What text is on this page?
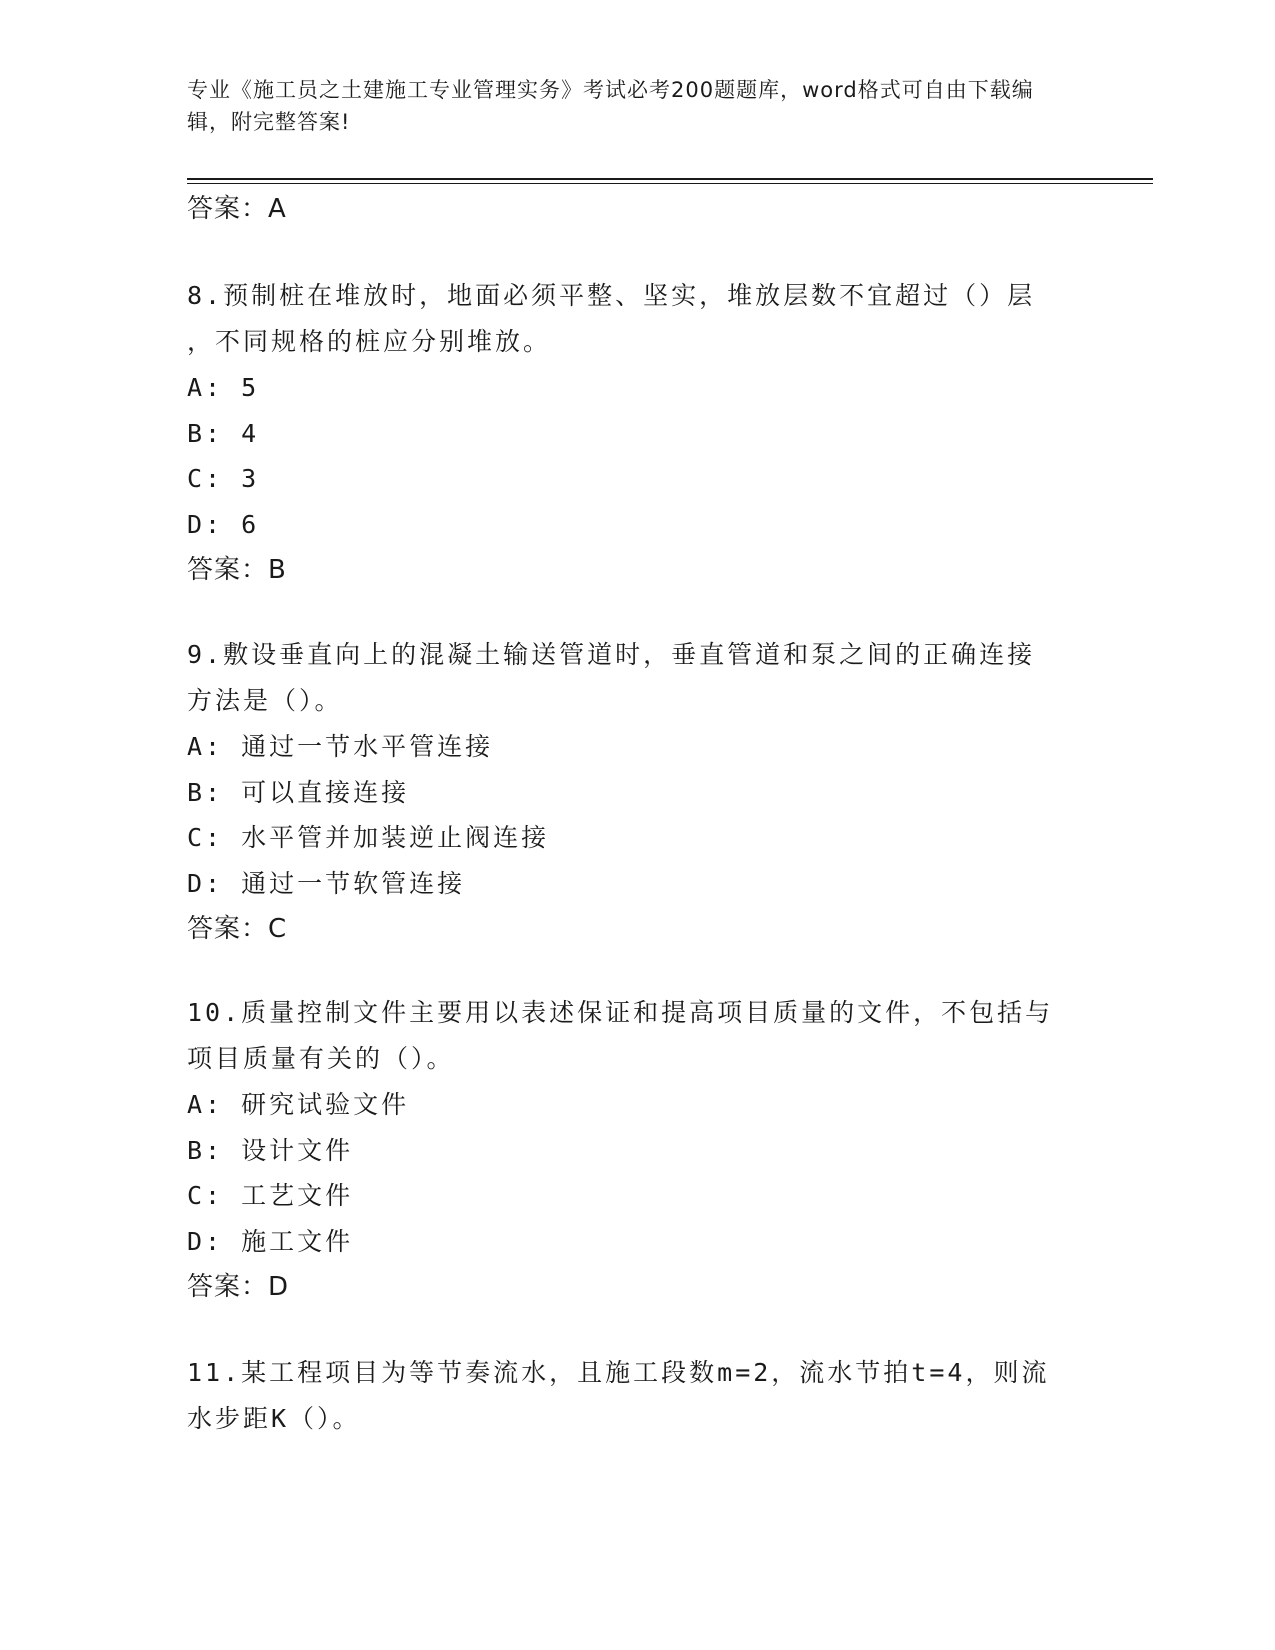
专业《施工员之土建施工专业管理实务》考试必考200题题库，word格式可自由下载编辑，附完整答案!
答案：A
8.预制桩在堆放时，地面必须平整、坚实，堆放层数不宜超过（）层
，不同规格的桩应分别堆放。
A: 5
B: 4
C: 3
D: 6
答案：B
9.敷设垂直向上的混凝土输送管道时，垂直管道和泵之间的正确连接
方法是（）。
A: 通过一节水平管连接
B: 可以直接连接
C: 水平管并加装逆止阀连接
D: 通过一节软管连接
答案：C
10.质量控制文件主要用以表述保证和提高项目质量的文件，不包括与
项目质量有关的（）。
A: 研究试验文件
B: 设计文件
C: 工艺文件
D: 施工文件
答案：D
11.某工程项目为等节奏流水，且施工段数m=2，流水节拍t=4，则流
水步距K（）。
